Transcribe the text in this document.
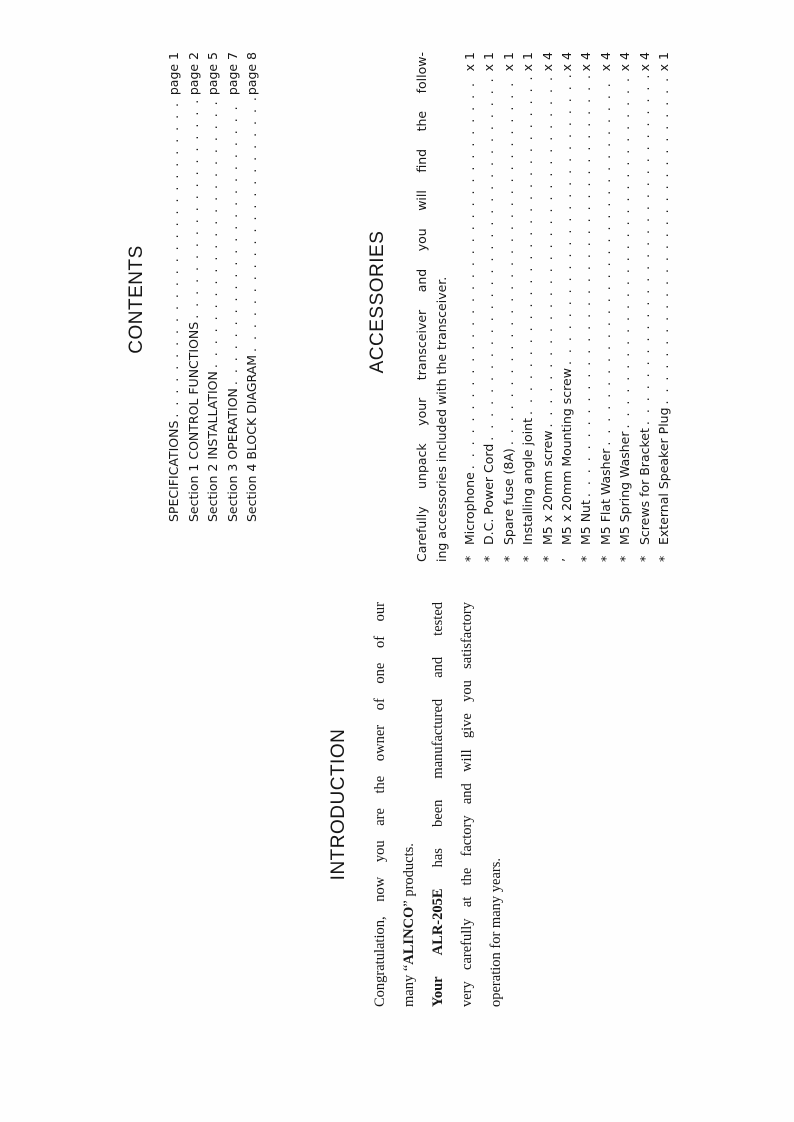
INTRODUCTION	Congratulation, now you are the owner of one of our many “ALINCO” products.

Your ALR-205E has been manufactured and tested very carefully at the factory and will give you satisfactory operation for many years.

CONTENTS
SPECIFICATIONS
. . .
page 1
Section 1 CONTROL FUNCTIONS
. . .
page 2
Section 2 INSTALLATION
. . .
page 5
Section 3 OPERATION
. . .
page 7
Section 4 BLOCK DIAGRAM
. . .
page 8
ACCESSORIES Carefully unpack your transceiver and you will find the follow- ing accessories included with the transceiver. *
Microphone
. . .
x 1
*
D.C. Power Cord
. . .
x 1
*
Spare fuse (8A)
. . .
x 1
*
Installing angle joint
. . .
x 1
*
M5 x 20mm screw
. . .
x 4
’
M5 x 20mm Mounting screw
. . .
x 4
*
M5 Nut
. . .
x 4
*
M5 Flat Washer
. . .
x 4
*
M5 Spring Washer
. . .
x 4
*
Screws for Bracket
. . .
x 4
*
External Speaker Plug
. . .
x 1
